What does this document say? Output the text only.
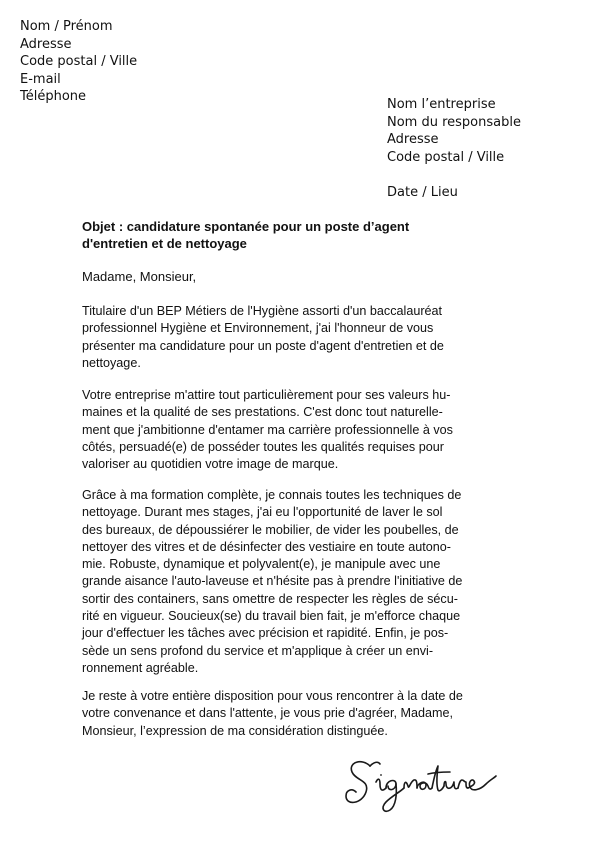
Nom / Prénom
Adresse
Code postal / Ville
E-mail
Téléphone
Nom l’entreprise
Nom du responsable
Adresse
Code postal / Ville
Date / Lieu
Objet : candidature spontanée pour un poste d’agent
d'entretien et de nettoyage
Madame, Monsieur,
Titulaire d'un BEP Métiers de l'Hygiène assorti d'un baccalauréat
professionnel Hygiène et Environnement, j'ai l'honneur de vous
présenter ma candidature pour un poste d'agent d'entretien et de
nettoyage.
Votre entreprise m'attire tout particulièrement pour ses valeurs hu-
maines et la qualité de ses prestations. C'est donc tout naturelle-
ment que j'ambitionne d'entamer ma carrière professionnelle à vos
côtés, persuadé(e) de posséder toutes les qualités requises pour
valoriser au quotidien votre image de marque.
Grâce à ma formation complète, je connais toutes les techniques de
nettoyage. Durant mes stages, j'ai eu l'opportunité de laver le sol
des bureaux, de dépoussiérer le mobilier, de vider les poubelles, de
nettoyer des vitres et de désinfecter des vestiaire en toute autono-
mie. Robuste, dynamique et polyvalent(e), je manipule avec une
grande aisance l'auto-laveuse et n'hésite pas à prendre l'initiative de
sortir des containers, sans omettre de respecter les règles de sécu-
rité en vigueur. Soucieux(se) du travail bien fait, je m'efforce chaque
jour d'effectuer les tâches avec précision et rapidité. Enfin, je pos-
sède un sens profond du service et m'applique à créer un envi-
ronnement agréable.
Je reste à votre entière disposition pour vous rencontrer à la date de
votre convenance et dans l'attente, je vous prie d'agréer, Madame,
Monsieur, l’expression de ma considération distinguée.
